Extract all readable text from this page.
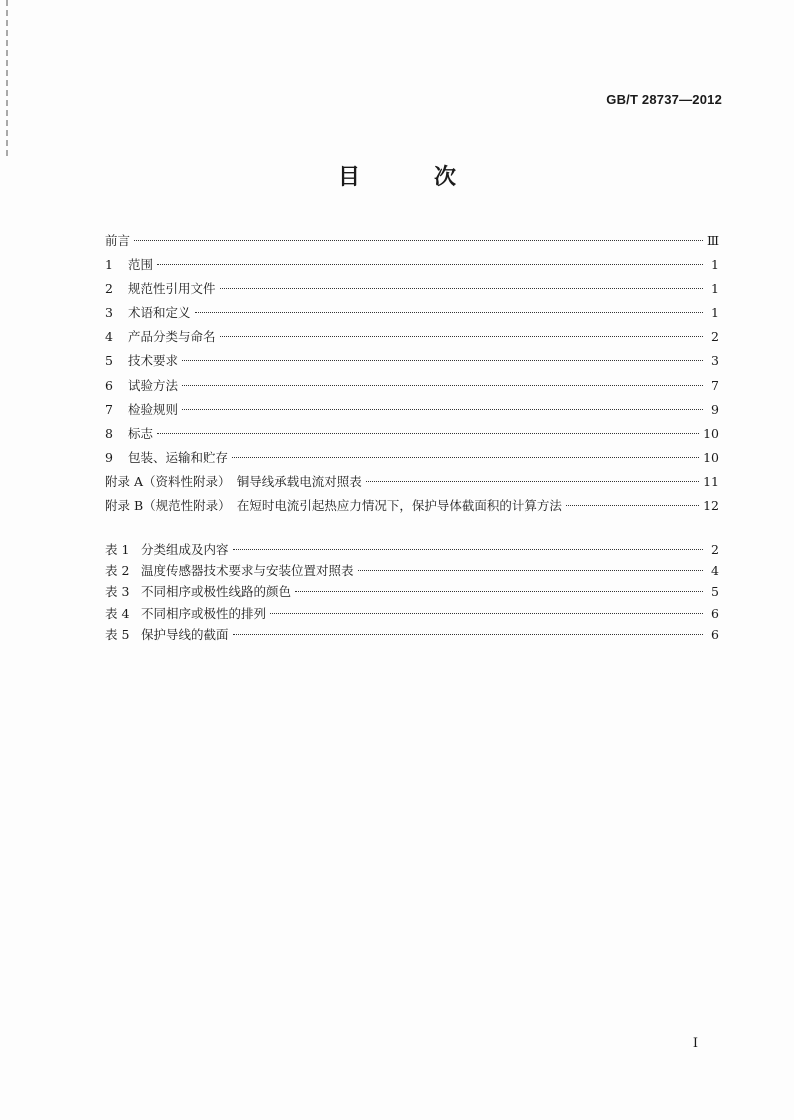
GB/T 28737—2012
目　次
前言	Ⅲ
1	范围	1
2	规范性引用文件	1
3	术语和定义	1
4	产品分类与命名	2
5	技术要求	3
6	试验方法	7
7	检验规则	9
8	标志	10
9	包装、运输和贮存	10
附录 A（资料性附录）　铜导线承载电流对照表	11
附录 B（规范性附录）　在短时电流引起热应力情况下，保护导体截面积的计算方法	12
表 1 分类组成及内容	2
表 2 温度传感器技术要求与安装位置对照表	4
表 3 不同相序或极性线路的颜色	5
表 4 不同相序或极性的排列	6
表 5 保护导线的截面	6
I
